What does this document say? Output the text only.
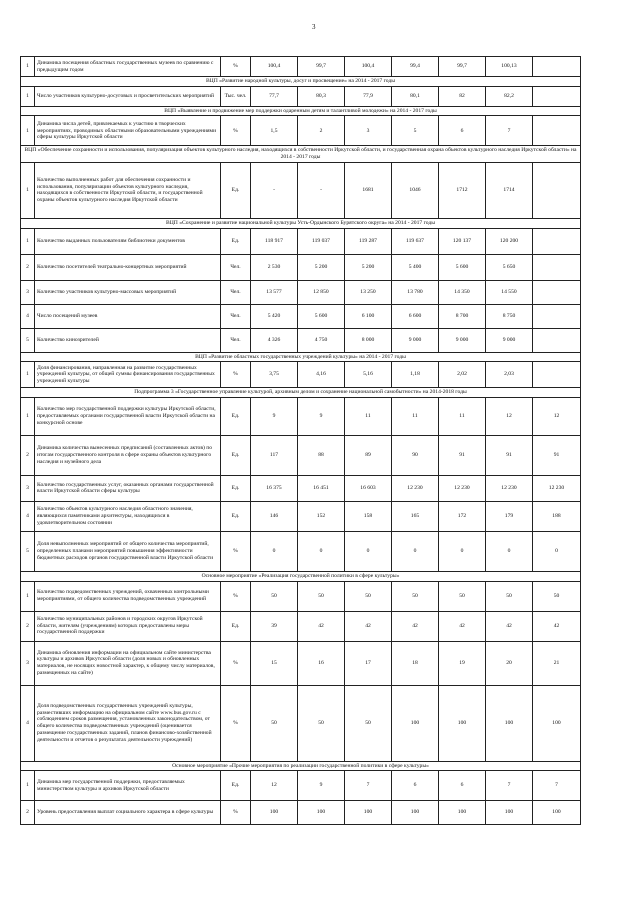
3
1	Динамика посещения областных государственных музеев по сравнению с предыдущим годом	%	100,4	99,7	100,4	99,4	99,7	100,13	
ВЦП «Развитие народной культуры, досуг и просвещение» на 2014 - 2017 годы									
1	Число участников культурно-досуговых и просветительских мероприятий	Тыс. чел.	77,7	80,3	77,9	80,1	82	82,2	
ВЦП «Выявление и продвижение мер поддержки одаренным детям и талантливой молодежи» на 2014 - 2017 годы									
1	Динамика числа детей, привлекаемых к участию в творческих мероприятиях, проводимых областными образовательными учреждениями сферы культуры Иркутской области	%	1,5	2	3	5	6	7	
ВЦП «Обеспечение сохранности и использования, популяризация объектов культурного наследия, находящихся в собственности Иркутской области, и государственная охрана объектов культурного наследия Иркутской области» на 2014 - 2017 годы									
1	Количество выполненных работ для обеспечения сохранности и использования, популяризации объектов культурного наследия, находящихся в собственности Иркутской области, и государственной охраны объектов культурного наследия Иркутской области	Ед.	-	-	1681	1046	1712	1714	
ВЦП «Сохранение и развитие национальной культуры Усть-Ордынского Бурятского округа» на 2014 - 2017 годы									
1	Количество выданных пользователям библиотеки документов	Ед.	118 917	119 037	119 287	119 637	120 137	120 200	
2	Количество посетителей театрально-концертных мероприятий	Чел.	2 530	5 200	5 200	5 400	5 600	5 650	
3	Количество участников культурно-массовых мероприятий	Чел.	13 577	12 850	13 250	13 780	14 350	14 550	
4	Число посещений музеев	Чел.	5 420	5 600	6 100	6 600	8 700	8 750	
5	Количество кинозрителей	Чел.	4 326	4 750	8 000	9 000	9 000	9 000	
ВЦП «Развитие областных государственных учреждений культуры» на 2014 - 2017 годы									
1	Доля финансирования, направленная на развитие государственных учреждений культуры, от общей суммы финансирования государственных учреждений культуры	%	3,75	4,16	5,16	1,18	2,02	2,03	
Подпрограмма 3 «Государственное управление культурой, архивным делом и сохранение национальной самобытности» на 2014-2018 годы									
1	Количество мер государственной поддержки культуры Иркутской области, предоставляемых органами государственной власти Иркутской области на конкурсной основе	Ед.	9	9	11	11	11	12	12
2	Динамика количества вынесенных предписаний (составленных актов) по итогам государственного контроля в сфере охраны объектов культурного наследия и музейного дела	Ед.	117	88	89	90	91	91	91
3	Количество государственных услуг, оказанных органами государственной власти Иркутской области сферы культуры	Ед.	16 375	16 451	16 603	12 230	12 230	12 230	12 230
4	Количество объектов культурного наследия областного значения, являющихся памятниками архитектуры, находящихся в удовлетворительном состоянии	Ед.	146	152	158	165	172	179	188
5	Доля невыполненных мероприятий от общего количества мероприятий, определенных планами мероприятий повышения эффективности бюджетных расходов органов государственной власти Иркутской области	%	0	0	0	0	0	0	0
Основное мероприятие «Реализация государственной политики в сфере культуры»									
1	Количество подведомственных учреждений, охваченных контрольными мероприятиями, от общего количества подведомственных учреждений	%	50	50	50	50	50	50	50
2	Количество муниципальных районов и городских округов Иркутской области, жителям (учреждениям) которых предоставлены меры государственной поддержки	Ед.	39	42	42	42	42	42	42
3	Динамика обновления информации на официальном сайте министерства культуры и архивов Иркутской области (доля новых и обновленных материалов, не носящих новостной характер, к общему числу материалов, размещенных на сайте)	%	15	16	17	18	19	20	21
4	Доля подведомственных государственных учреждений культуры, разместивших информацию на официальном сайте www.bus.gov.ru с соблюдением сроков размещения, установленных законодательством, от общего количества подведомственных учреждений (оценивается размещение государственных заданий, планов финансово-хозяйственной деятельности и отчетов о результатах деятельности учреждений)	%	50	50	50	100	100	100	100
Основное мероприятие «Прочие мероприятия по реализации государственной политики в сфере культуры»									
1	Динамика мер государственной поддержки, предоставляемых министерством культуры и архивов Иркутской области	Ед.	12	9	7	6	6	7	7
2	Уровень предоставления выплат социального характера в сфере культуры	%	100	100	100	100	100	100	100
